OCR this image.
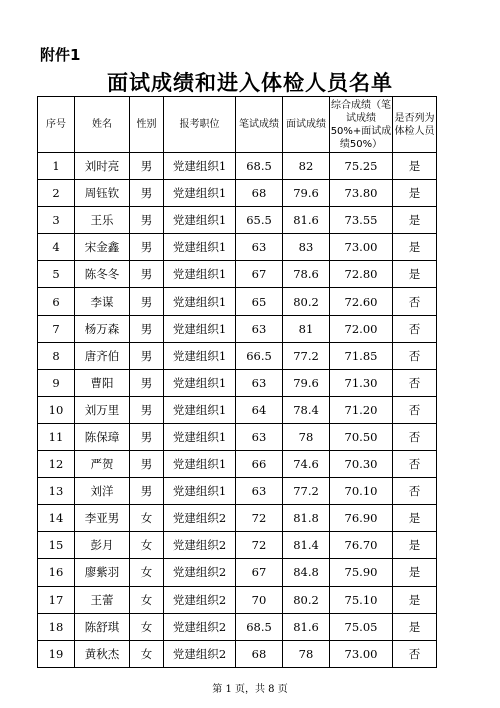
附件1
面试成绩和进入体检人员名单
序号	姓名	性别	报考职位	笔试成绩	面试成绩	综合成绩（笔试成绩50%+面试成绩50%）	是否列为体检人员
1	刘时亮	男	党建组织1	68.5	82	75.25	是
2	周钰钦	男	党建组织1	68	79.6	73.80	是
3	王乐	男	党建组织1	65.5	81.6	73.55	是
4	宋金鑫	男	党建组织1	63	83	73.00	是
5	陈冬冬	男	党建组织1	67	78.6	72.80	是
6	李谋	男	党建组织1	65	80.2	72.60	否
7	杨万森	男	党建组织1	63	81	72.00	否
8	唐齐伯	男	党建组织1	66.5	77.2	71.85	否
9	曹阳	男	党建组织1	63	79.6	71.30	否
10	刘万里	男	党建组织1	64	78.4	71.20	否
11	陈保璋	男	党建组织1	63	78	70.50	否
12	严贺	男	党建组织1	66	74.6	70.30	否
13	刘洋	男	党建组织1	63	77.2	70.10	否
14	李亚男	女	党建组织2	72	81.8	76.90	是
15	彭月	女	党建组织2	72	81.4	76.70	是
16	廖紫羽	女	党建组织2	67	84.8	75.90	是
17	王蕾	女	党建组织2	70	80.2	75.10	是
18	陈舒琪	女	党建组织2	68.5	81.6	75.05	是
19	黄秋杰	女	党建组织2	68	78	73.00	否
第 1 页，共 8 页
